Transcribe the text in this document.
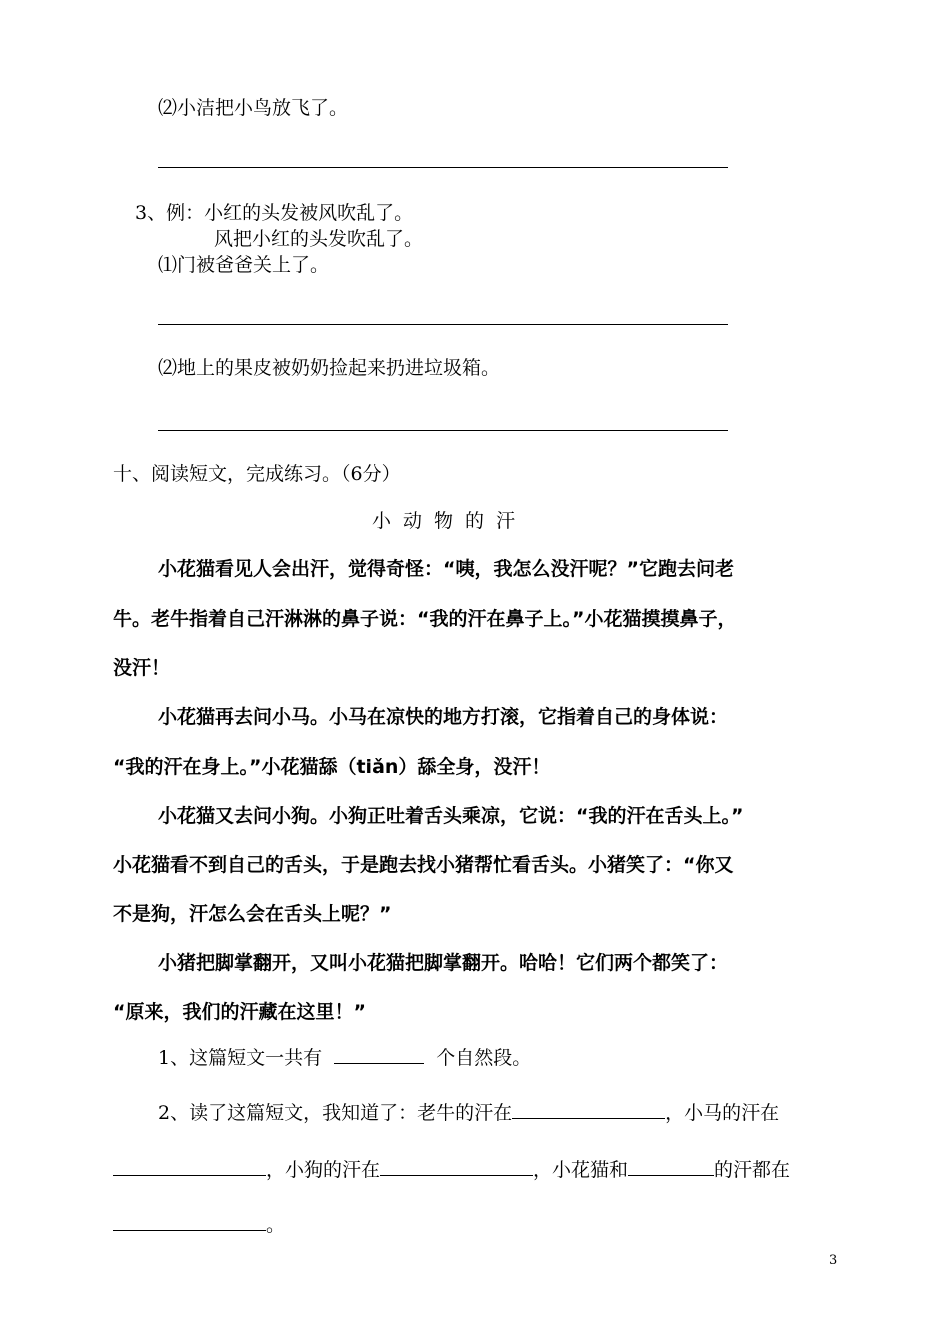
⑵小洁把小鸟放飞了。
3、例：小红的头发被风吹乱了。
风把小红的头发吹乱了。
⑴门被爸爸关上了。
⑵地上的果皮被奶奶捡起来扔进垃圾箱。
十、阅读短文，完成练习。（6分）
小动物的汗
小花猫看见人会出汗，觉得奇怪：“咦，我怎么没汗呢？”它跑去问老
牛。老牛指着自己汗淋淋的鼻子说：“我的汗在鼻子上。”小花猫摸摸鼻子，
没汗！
小花猫再去问小马。小马在凉快的地方打滚，它指着自己的身体说：
“我的汗在身上。”小花猫舔（tiǎn）舔全身，没汗！
小花猫又去问小狗。小狗正吐着舌头乘凉，它说：“我的汗在舌头上。”
小花猫看不到自己的舌头，于是跑去找小猪帮忙看舌头。小猪笑了：“你又
不是狗，汗怎么会在舌头上呢？”
小猪把脚掌翻开，又叫小花猫把脚掌翻开。哈哈！它们两个都笑了：
“原来，我们的汗藏在这里！”
1、这篇短文一共有	个自然段。
2、读了这篇短文，我知道了：老牛的汗在	，小马的汗在
，小狗的汗在	，小花猫和	的汗都在
。
3
